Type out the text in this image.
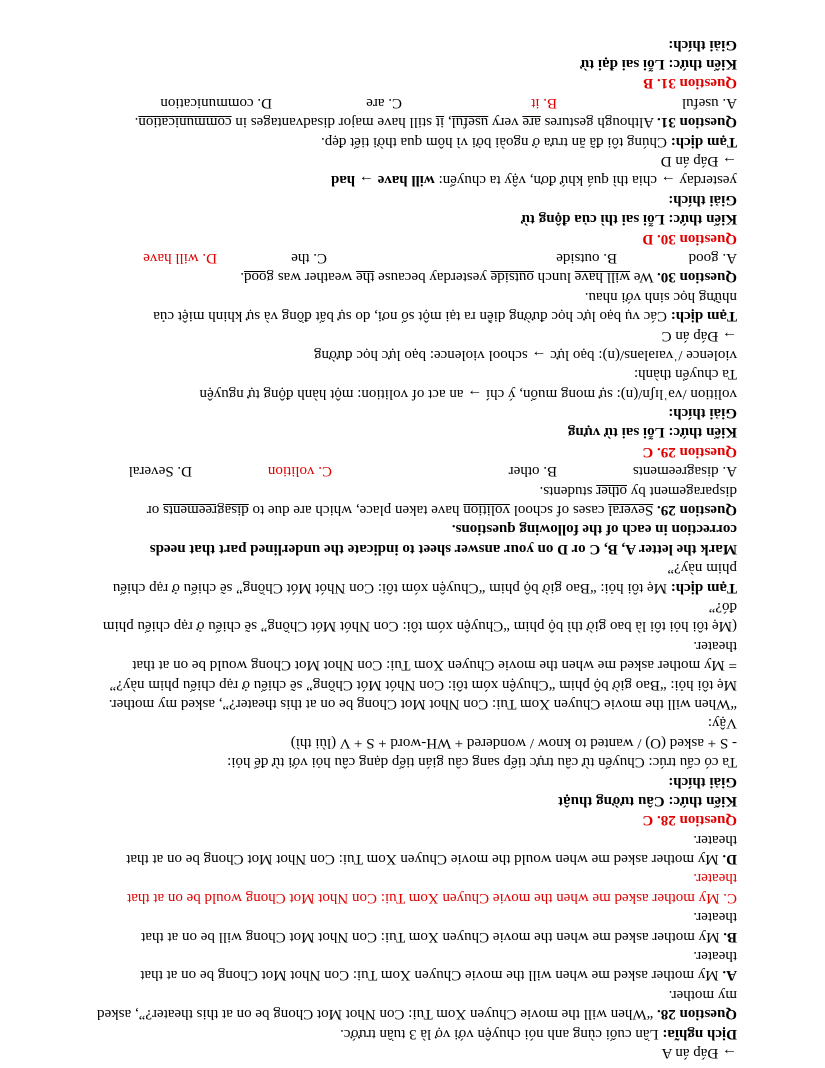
→ Đáp án A
Dịch nghĩa: Lần cuối cùng anh nói chuyện với vợ là 3 tuần trước.
Question 28. “When will the movie Chuyen Xom Tui: Con Nhot Mot Chong be on at this theater?”, asked
my mother.
A. My mother asked me when will the movie Chuyen Xom Tui: Con Nhot Mot Chong be on at that
theater.
B. My mother asked me when the movie Chuyen Xom Tui: Con Nhot Mot Chong will be on at that
theater.
C. My mother asked me when the movie Chuyen Xom Tui: Con Nhot Mot Chong would be on at that
theater.
D. My mother asked me when would the movie Chuyen Xom Tui: Con Nhot Mot Chong be on at that
theater.
Question 28. C
Kiến thức: Câu tường thuật
Giải thích:
Ta có cấu trúc: Chuyển từ câu trực tiếp sang câu gián tiếp dạng câu hỏi với từ để hỏi:
- S + asked (O) / wanted to know / wondered + WH-word + S + V (lùi thì)
Vậy:
“When will the movie Chuyen Xom Tui: Con Nhot Mot Chong be on at this theater?”, asked my mother.
Mẹ tôi hỏi: “Bao giờ bộ phim “Chuyện xóm tôi: Con Nhót Mót Chồng” sẽ chiếu ở rạp chiếu phim này?”
= My mother asked me when the movie Chuyen Xom Tui: Con Nhot Mot Chong would be on at that
theater.
(Mẹ tôi hỏi tôi là bao giờ thì bộ phim “Chuyện xóm tôi: Con Nhót Mót Chồng” sẽ chiếu ở rạp chiếu phim
đó?”
Tạm dịch: Mẹ tôi hỏi: “Bao giờ bộ phim “Chuyện xóm tôi: Con Nhót Mót Chồng” sẽ chiếu ở rạp chiếu
phim này?”
Mark the letter A, B, C or D on your answer sheet to indicate the underlined part that needs
correction in each of the following questions.
Question 29. Several cases of school volition have taken place, which are due to disagreements or
disparagement by other students.
A. disagreements
B. other
C. volition
D. Several
Question 29. C
Kiến thức: Lỗi sai từ vựng
Giải thích:
volition /vəˈlɪʃn/(n): sự mong muốn, ý chí → an act of volition: một hành động tự nguyện
Ta chuyển thành:
violence /ˈvaɪələns/(n): bạo lực → school violence: bạo lực học đường
→ Đáp án C
Tạm dịch: Các vụ bạo lực học đường diễn ra tại một số nơi, do sự bất đồng và sự khinh miệt của
những học sinh với nhau.
Question 30. We will have lunch outside yesterday because the weather was good.
A. good
B. outside
C. the
D. will have
Question 30. D
Kiến thức: Lỗi sai thì của động từ
Giải thích:
yesterday → chia thì quá khứ đơn, vậy ta chuyển: will have → had
→ Đáp án D
Tạm dịch: Chúng tôi đã ăn trưa ở ngoài bởi vì hôm qua thời tiết đẹp.
Question 31. Although gestures are very useful, it still have major disadvantages in communication.
A. useful
B. it
C. are
D. communication
Question 31. B
Kiến thức: Lỗi sai đại từ
Giải thích:
